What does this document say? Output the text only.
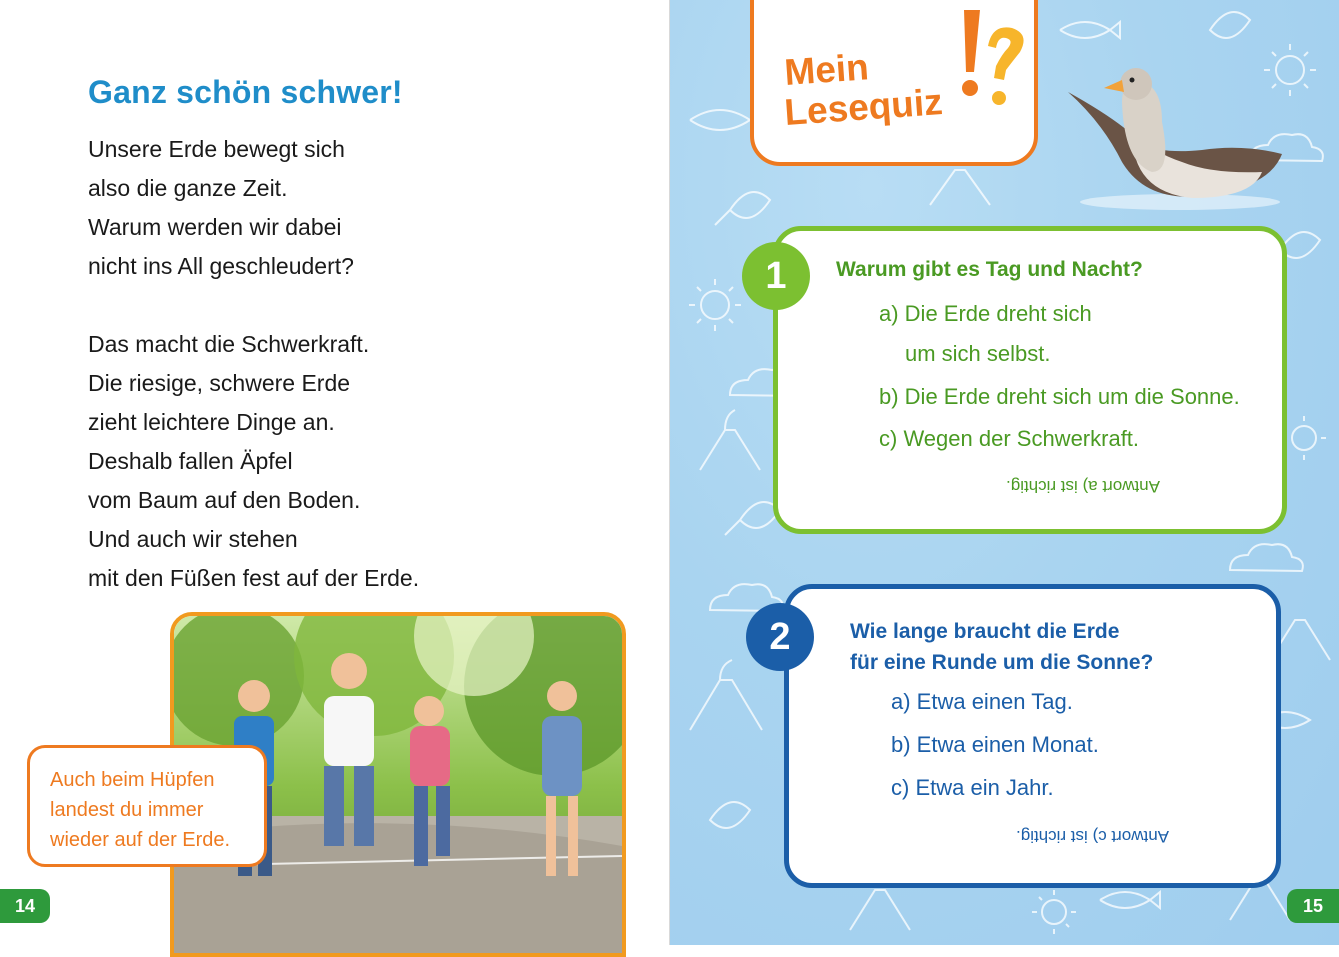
Ganz schön schwer!

Unsere Erde bewegt sich
also die ganze Zeit.
Warum werden wir dabei
nicht ins All geschleudert?

Das macht die Schwerkraft.
Die riesige, schwere Erde
zieht leichtere Dinge an.
Deshalb fallen Äpfel
vom Baum auf den Boden.
Und auch wir stehen
mit den Füßen fest auf der Erde.

Auch beim Hüpfen
landest du immer
wieder auf der Erde.
14
Mein
Lesequiz
1	Warum gibt es Tag und Nacht?
a) Die Erde dreht sich
um sich selbst.
b) Die Erde dreht sich um die Sonne.
c) Wegen der Schwerkraft.
Antwort a) ist richtig.
2	Wie lange braucht die Erde
für eine Runde um die Sonne?
a) Etwa einen Tag.
b) Etwa einen Monat.
c) Etwa ein Jahr.
Antwort c) ist richtig.
15
